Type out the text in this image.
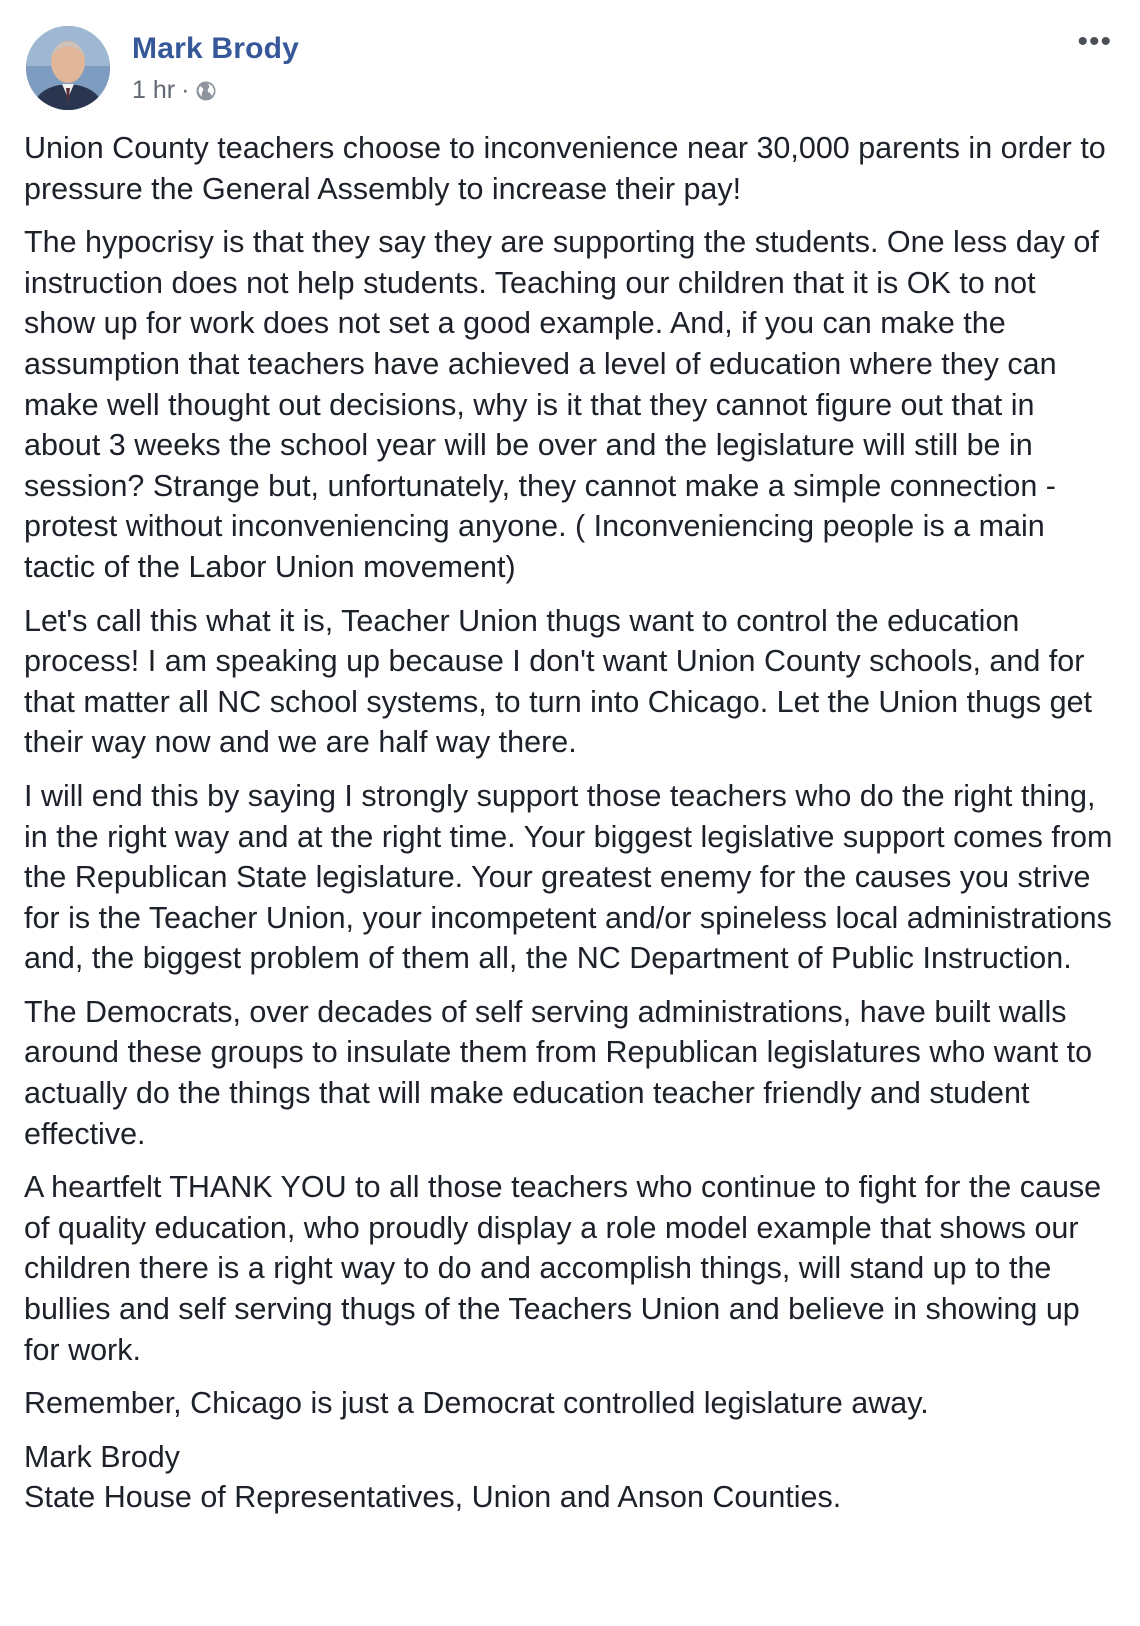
Mark Brody
1 hr ·
•••

Union County teachers choose to inconvenience near 30,000 parents in order to pressure the General Assembly to increase their pay!

The hypocrisy is that they say they are supporting the students. One less day of instruction does not help students. Teaching our children that it is OK to not show up for work does not set a good example. And, if you can make the assumption that teachers have achieved a level of education where they can make well thought out decisions, why is it that they cannot figure out that in about 3 weeks the school year will be over and the legislature will still be in session? Strange but, unfortunately, they cannot make a simple connection - protest without inconveniencing anyone. ( Inconveniencing people is a main tactic of the Labor Union movement)

Let's call this what it is, Teacher Union thugs want to control the education process! I am speaking up because I don't want Union County schools, and for that matter all NC school systems, to turn into Chicago. Let the Union thugs get their way now and we are half way there.

I will end this by saying I strongly support those teachers who do the right thing, in the right way and at the right time. Your biggest legislative support comes from the Republican State legislature. Your greatest enemy for the causes you strive for is the Teacher Union, your incompetent and/or spineless local administrations and, the biggest problem of them all, the NC Department of Public Instruction.

The Democrats, over decades of self serving administrations, have built walls around these groups to insulate them from Republican legislatures who want to actually do the things that will make education teacher friendly and student effective.

A heartfelt THANK YOU to all those teachers who continue to fight for the cause of quality education, who proudly display a role model example that shows our children there is a right way to do and accomplish things, will stand up to the bullies and self serving thugs of the Teachers Union and believe in showing up for work.

Remember, Chicago is just a Democrat controlled legislature away.

Mark Brody
State House of Representatives, Union and Anson Counties.
